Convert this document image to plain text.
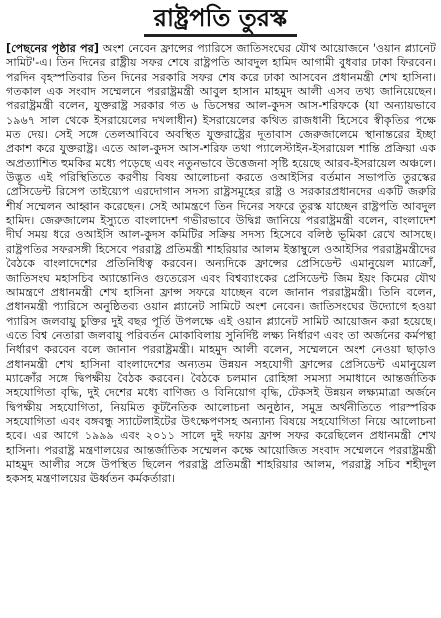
রাষ্ট্রপতি তুরস্ক
[পেছনের পৃষ্ঠার পর] অংশ নেবেন ফ্রান্সের প্যারিসে জাতিসংঘের যৌথ আয়োজনে 'ওয়ান প্ল্যানেট সামিট'-এ। তিন দিনের রাষ্ট্রীয় সফর শেষে রাষ্ট্রপতি আবদুল হামিদ আগামী বুধবার ঢাকা ফিরবেন। পরদিন বৃহস্পতিবার তিন দিনের সরকারি সফর শেষ করে ঢাকা আসবেন প্রধানমন্ত্রী শেখ হাসিনা। গতকাল এক সংবাদ সম্মেলনে পররাষ্ট্রমন্ত্রী আবুল হাসান মাহমুদ আলী এসব তথ্য জানিয়েছেন। পররাষ্ট্রমন্ত্রী বলেন, যুক্তরাষ্ট্র সরকার গত ৬ ডিসেম্বর আল-কুদস আস-শরিফকে (যা অন্যায়ভাবে ১৯৬৭ সাল থেকে ইসরায়েলের দখলাধীন) ইসরায়েলের কথিত রাজধানী হিসেবে স্বীকৃতির পক্ষে মত দেয়। সেই সঙ্গে তেলআবিবে অবস্থিত যুক্তরাষ্ট্রের দূতাবাস জেরুজালেমে স্থানান্তরের ইচ্ছা প্রকাশ করে যুক্তরাষ্ট্র। এতে আল-কুদস আস-শরিফ তথা প্যালেস্টাইন-ইসরায়েল শান্তি প্রক্রিয়া এক অপ্রত্যাশিত হুমকির মধ্যে পড়েছে এবং নতুনভাবে উত্তেজনা সৃষ্টি হয়েছে আরব-ইসরায়েল অঞ্চলে। উদ্ভূত এই পরিস্থিতিতে করণীয় বিষয় আলোচনা করতে ওআইসির বর্তমান সভাপতি তুরস্কের প্রেসিডেন্ট রিসেপ তাইয়্যেপ এরদোগান সদস্য রাষ্ট্রসমূহের রাষ্ট্র ও সরকারপ্রধানদের একটি জরুরি শীর্ষ সম্মেলন আহ্বান করেছেন। সেই আমন্ত্রণে তিন দিনের সফরে তুরস্ক যাচ্ছেন রাষ্ট্রপতি আবদুল হামিদ। জেরুজালেম ইস্যুতে বাংলাদেশ গভীরভাবে উদ্বিগ্ন জানিয়ে পররাষ্ট্রমন্ত্রী বলেন, বাংলাদেশ দীর্ঘ সময় ধরে ওআইসি আল-কুদস কমিটির সক্রিয় সদস্য হিসেবে বলিষ্ঠ ভূমিকা রেখে আসছে। রাষ্ট্রপতির সফরসঙ্গী হিসেবে পররাষ্ট্র প্রতিমন্ত্রী শাহরিয়ার আলম ইস্তাম্বুলে ওআইসির পররাষ্ট্রমন্ত্রীদের বৈঠকে বাংলাদেশের প্রতিনিধিত্ব করবেন। অন্যদিকে ফ্রান্সের প্রেসিডেন্ট এমানুয়েল ম্যাক্রোঁ, জাতিসংঘ মহাসচিব অ্যান্তোনিও গুতেরেস এবং বিশ্বব্যাংকের প্রেসিডেন্ট জিম ইয়ং কিমের যৌথ আমন্ত্রণে প্রধানমন্ত্রী শেখ হাসিনা ফ্রান্স সফরে যাচ্ছেন বলে জানান পররাষ্ট্রমন্ত্রী। তিনি বলেন, প্রধানমন্ত্রী প্যারিসে অনুষ্ঠিতব্য ওয়ান প্ল্যানেট সামিটে অংশ নেবেন। জাতিসংঘের উদ্যোগে হওয়া প্যারিস জলবায়ু চুক্তির দুই বছর পূর্তি উপলক্ষে এই ওয়ান প্ল্যানেট সামিট আয়োজন করা হয়েছে। এতে বিশ্ব নেতারা জলবায়ু পরিবর্তন মোকাবিলায় সুনির্দিষ্ট লক্ষ্য নির্ধারণ এবং তা অর্জনের কর্মপন্থা নির্ধারণ করবেন বলে জানান পররাষ্ট্রমন্ত্রী। মাহমুদ আলী বলেন, সম্মেলনে অংশ নেওয়া ছাড়াও প্রধানমন্ত্রী শেখ হাসিনা বাংলাদেশের অন্যতম উন্নয়ন সহযোগী ফ্রান্সের প্রেসিডেন্ট এমানুয়েল ম্যাক্রোঁর সঙ্গে দ্বিপক্ষীয় বৈঠক করবেন। বৈঠকে চলমান রোহিঙ্গা সমস্যা সমাধানে আন্তর্জাতিক সহযোগিতা বৃদ্ধি, দুই দেশের মধ্যে বাণিজ্য ও বিনিয়োগ বৃদ্ধি, টেকসই উন্নয়ন লক্ষ্যমাত্রা অর্জনে দ্বিপক্ষীয় সহযোগিতা, নিয়মিত কূটনৈতিক আলোচনা অনুষ্ঠান, সমুদ্র অর্থনীতিতে পারস্পরিক সহযোগিতা এবং বঙ্গবন্ধু স্যাটেলাইটের উৎক্ষেপণসহ অন্যান্য বিষয়ে সহযোগিতা নিয়ে আলোচনা হবে। এর আগে ১৯৯৯ এবং ২০১১ সালে দুই দফায় ফ্রান্স সফর করেছিলেন প্রধানমন্ত্রী শেখ হাসিনা। পররাষ্ট্র মন্ত্রণালয়ের আন্তর্জাতিক সম্মেলন কক্ষে আয়োজিত সংবাদ সম্মেলনে পররাষ্ট্রমন্ত্রী মাহমুদ আলীর সঙ্গে উপস্থিত ছিলেন পররাষ্ট্র প্রতিমন্ত্রী শাহরিয়ার আলম, পররাষ্ট্র সচিব শহীদুল হকসহ মন্ত্রণালয়ের ঊর্ধ্বতন কর্মকর্তারা।
